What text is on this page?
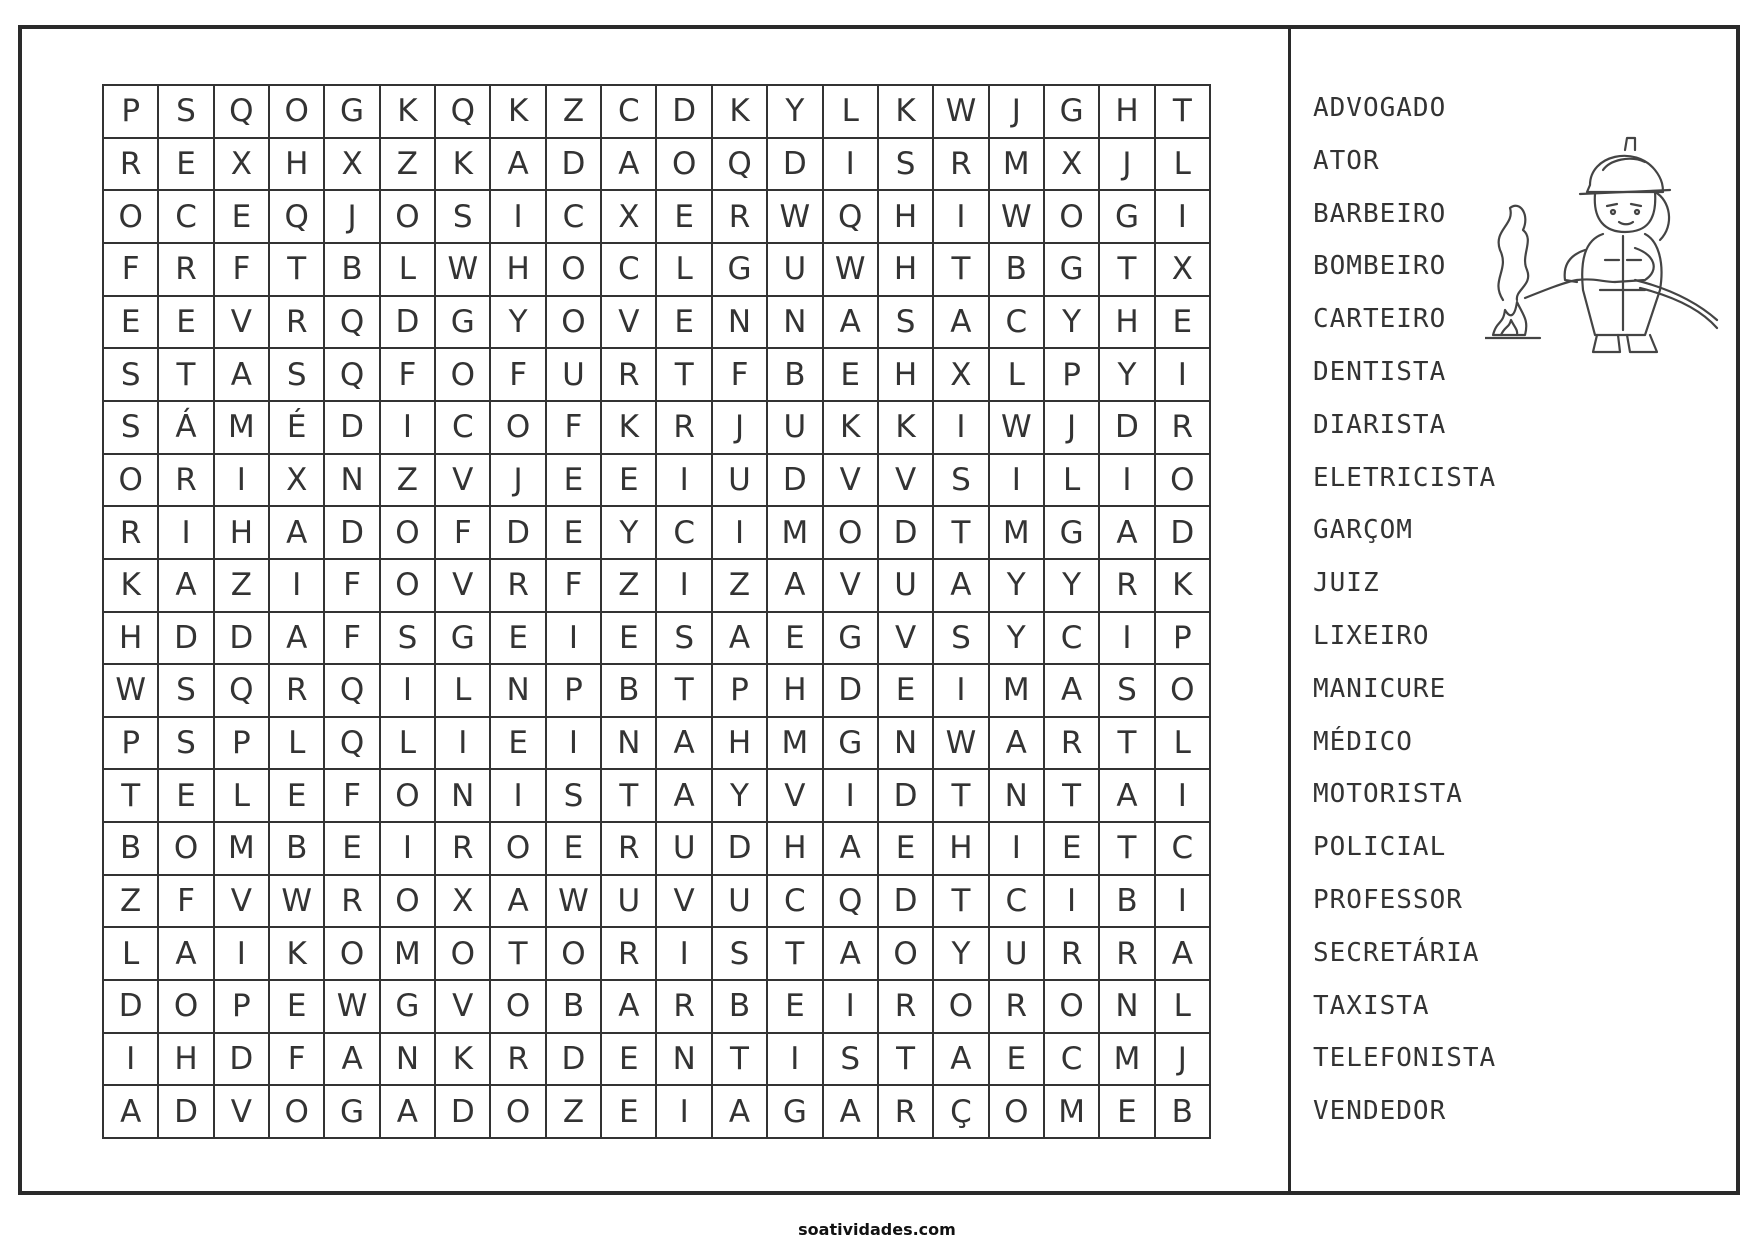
P	S	Q O	G	K	Q	K	Z	C	D	K	Y	L	K W	J	G	H	T
R	E	X	H	X	Z	K	A	D	A	O Q	D	I	S	R	M	X	J	L
O	C	E	Q	J	O	S	I	C	X	E	R W Q	H	I	W O	G	I
F	R	F	T	B	L	W H	O	C	L	G	U W H	T	B	G	T	X
E	E	V	R	Q	D	G	Y	O	V	E	N	N	A	S	A	C	Y	H	E
S	T	A	S	Q	F	O	F	U	R	T	F	B	E	H	X	L	P	Y	I
S	Á	M	É	D	I	C	O	F	K	R	J	U	K	K	I	W	J	D	R
O	R	I	X	N	Z	V	J	E	E	I	U	D	V	V	S	I	L	I	O
R	I	H	A	D	O	F	D	E	Y	C	I	M O	D	T	M G	A	D
K	A	Z	I	F	O	V	R	F	Z	I	Z	A	V	U	A	Y	Y	R	K
H	D	D	A	F	S	G	E	I	E	S	A	E	G	V	S	Y	C	I	P
W S	Q	R	Q	I	L	N	P	B	T	P	H	D	E	I	M	A	S	O
P	S	P	L	Q	L	I	E	I	N	A	H M G	N W A	R	T	L
T	E	L	E	F	O	N	I	S	T	A	Y	V	I	D	T	N	T	A	I
B	O M	B	E	I	R	O	E	R	U	D	H	A	E	H	I	E	T	C
Z	F	V W R	O	X	A W U	V	U	C	Q	D	T	C	I	B	I
L	A	I	K	O M O	T	O	R	I	S	T	A	O	Y	U	R	R	A
D	O	P	E W G	V	O	B	A	R	B	E	I	R	O	R	O	N	L
I	H	D	F	A	N	K	R	D	E	N	T	I	S	T	A	E	C	M	J
A	D	V	O	G	A	D	O	Z	E	I	A	G	A	R	Ç	O M	E	B
ADVOGADO
ATOR
BARBEIRO
BOMBEIRO
CARTEIRO
DENTISTA
DIARISTA
ELETRICISTA
GARÇOM
JUIZ
LIXEIRO
MANICURE
MÉDICO
MOTORISTA
POLICIAL
PROFESSOR
SECRETÁRIA
TAXISTA
TELEFONISTA
VENDEDOR
soatividades.com
